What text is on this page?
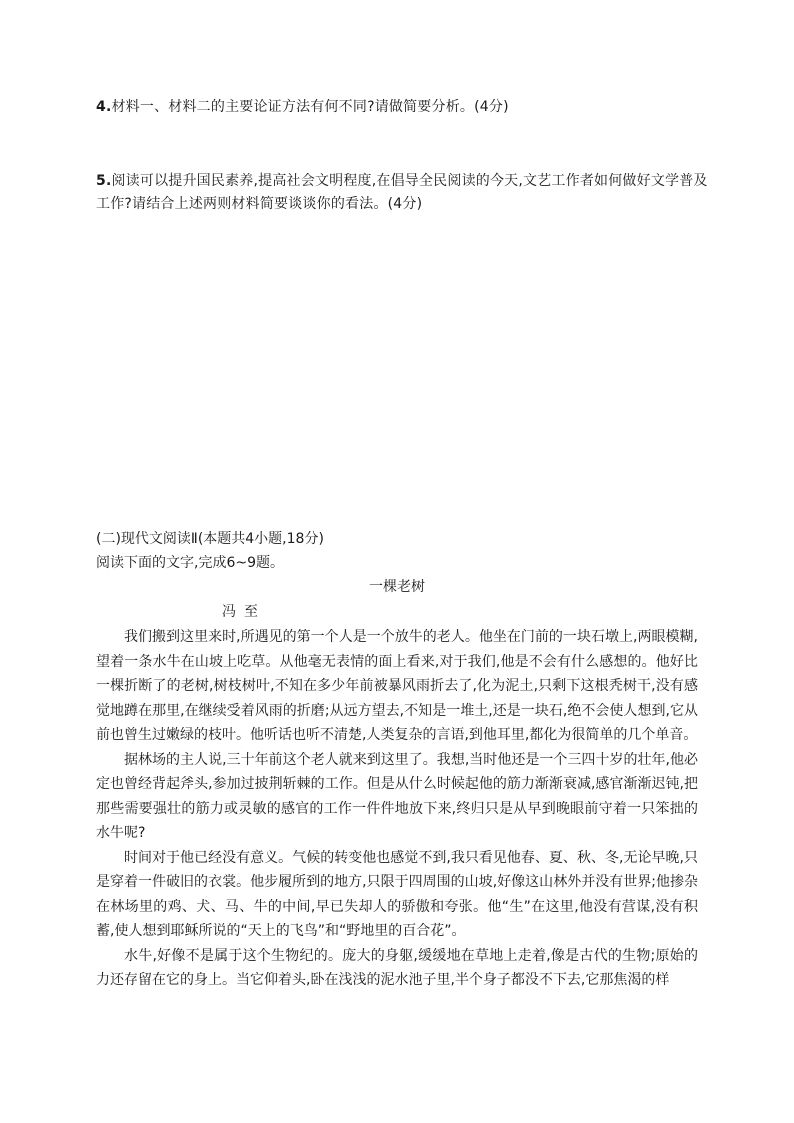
4.材料一、材料二的主要论证方法有何不同?请做简要分析。(4分)
5.阅读可以提升国民素养,提高社会文明程度,在倡导全民阅读的今天,文艺工作者如何做好文学普及工作?请结合上述两则材料简要谈谈你的看法。(4分)
(二)现代文阅读Ⅱ(本题共4小题,18分)
阅读下面的文字,完成6~9题。
一棵老树
冯至

我们搬到这里来时,所遇见的第一个人是一个放牛的老人。他坐在门前的一块石墩上,两眼模糊,望着一条水牛在山坡上吃草。从他毫无表情的面上看来,对于我们,他是不会有什么感想的。他好比一棵折断了的老树,树枝树叶,不知在多少年前被暴风雨折去了,化为泥土,只剩下这根秃树干,没有感觉地蹲在那里,在继续受着风雨的折磨;从远方望去,不知是一堆土,还是一块石,绝不会使人想到,它从前也曾生过嫩绿的枝叶。他听话也听不清楚,人类复杂的言语,到他耳里,都化为很简单的几个单音。

据林场的主人说,三十年前这个老人就来到这里了。我想,当时他还是一个三四十岁的壮年,他必定也曾经背起斧头,参加过披荆斩棘的工作。但是从什么时候起他的筋力渐渐衰减,感官渐渐迟钝,把那些需要强壮的筋力或灵敏的感官的工作一件件地放下来,终归只是从早到晚眼前守着一只笨拙的水牛呢?

时间对于他已经没有意义。气候的转变他也感觉不到,我只看见他春、夏、秋、冬,无论早晚,只是穿着一件破旧的衣裳。他步履所到的地方,只限于四周围的山坡,好像这山林外并没有世界;他掺杂在林场里的鸡、犬、马、牛的中间,早已失却人的骄傲和夸张。他“生”在这里,他没有营谋,没有积蓄,使人想到耶稣所说的“天上的飞鸟”和“野地里的百合花”。

水牛,好像不是属于这个生物纪的。庞大的身躯,缓缓地在草地上走着,像是古代的生物;原始的力还存留在它的身上。当它仰着头,卧在浅浅的泥水池子里,半个身子都没不下去,它那焦渴的样
